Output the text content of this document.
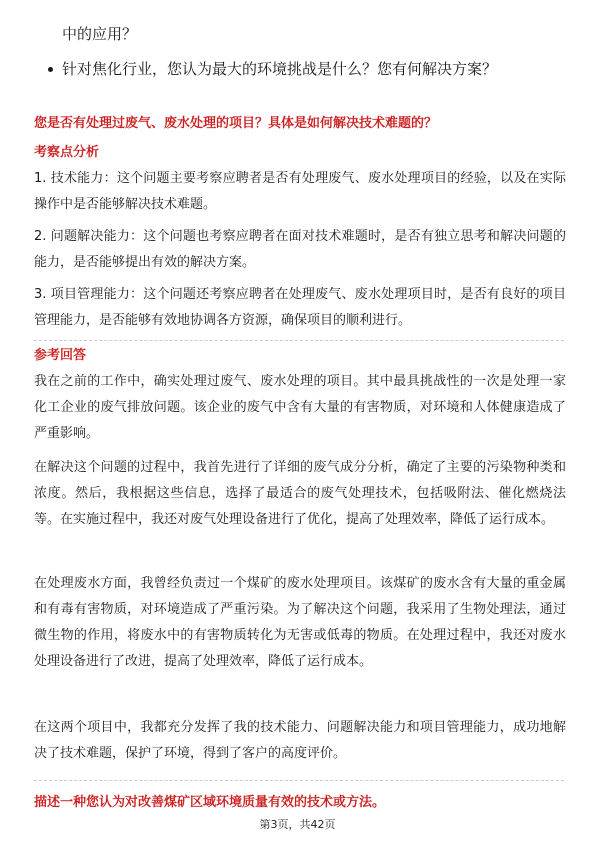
中的应用？
针对焦化行业，您认为最大的环境挑战是什么？您有何解决方案？
您是否有处理过废气、废水处理的项目？具体是如何解决技术难题的？
考察点分析
1. 技术能力：这个问题主要考察应聘者是否有处理废气、废水处理项目的经验，以及在实际操作中是否能够解决技术难题。
2. 问题解决能力：这个问题也考察应聘者在面对技术难题时，是否有独立思考和解决问题的能力，是否能够提出有效的解决方案。
3. 项目管理能力：这个问题还考察应聘者在处理废气、废水处理项目时，是否有良好的项目管理能力，是否能够有效地协调各方资源，确保项目的顺利进行。
参考回答
我在之前的工作中，确实处理过废气、废水处理的项目。其中最具挑战性的一次是处理一家化工企业的废气排放问题。该企业的废气中含有大量的有害物质，对环境和人体健康造成了严重影响。
在解决这个问题的过程中，我首先进行了详细的废气成分分析，确定了主要的污染物种类和浓度。然后，我根据这些信息，选择了最适合的废气处理技术，包括吸附法、催化燃烧法等。在实施过程中，我还对废气处理设备进行了优化，提高了处理效率，降低了运行成本。
在处理废水方面，我曾经负责过一个煤矿的废水处理项目。该煤矿的废水含有大量的重金属和有毒有害物质，对环境造成了严重污染。为了解决这个问题，我采用了生物处理法，通过微生物的作用，将废水中的有害物质转化为无害或低毒的物质。在处理过程中，我还对废水处理设备进行了改进，提高了处理效率，降低了运行成本。
在这两个项目中，我都充分发挥了我的技术能力、问题解决能力和项目管理能力，成功地解决了技术难题，保护了环境，得到了客户的高度评价。
描述一种您认为对改善煤矿区域环境质量有效的技术或方法。
第3页，共42页
